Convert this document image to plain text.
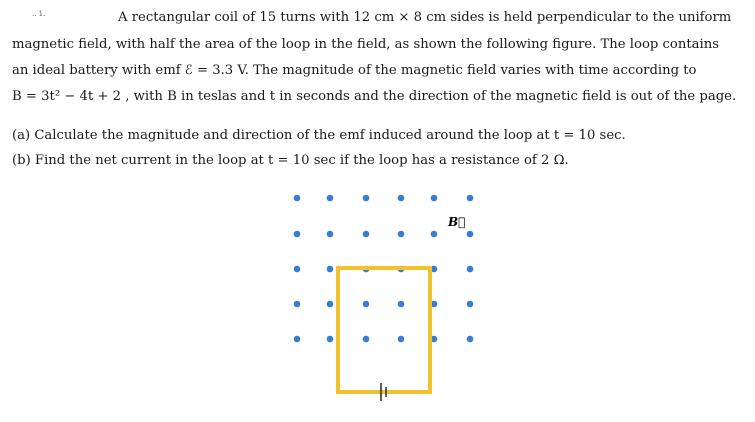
.. 1.	A rectangular coil of 15 turns with 12 cm × 8 cm sides is held perpendicular to the uniform
magnetic field, with half the area of the loop in the field, as shown the following figure. The loop contains
an ideal battery with emf ℰ = 3.3 V. The magnitude of the magnetic field varies with time according to
B = 3t² − 4t + 2 , with B in teslas and t in seconds and the direction of the magnetic field is out of the page.
(a) Calculate the magnitude and direction of the emf induced around the loop at t = 10 sec.
(b) Find the net current in the loop at t = 10 sec if the loop has a resistance of 2 Ω.
B⃗
